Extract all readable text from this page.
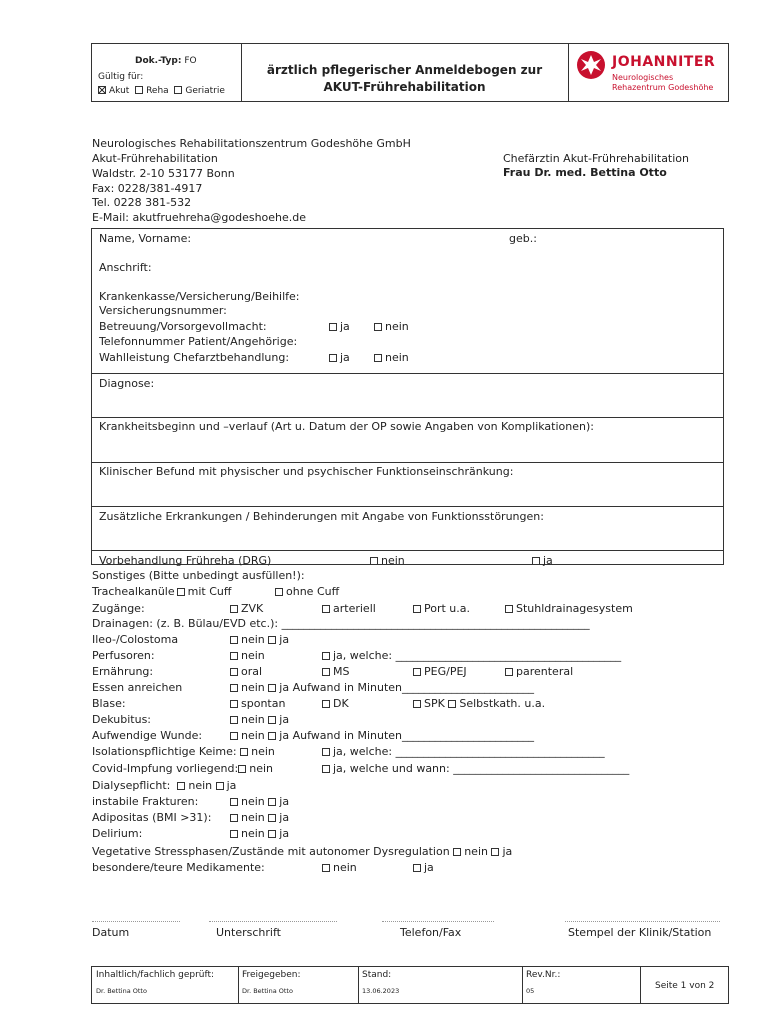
Dok.-Typ: FO
Gültig für:
Akut Reha Geriatrie
ärztlich pflegerischer Anmeldebogen zur
AKUT-Frührehabilitation
JOHANNITER
Neurologisches
Rehazentrum Godeshöhe
Neurologisches Rehabilitationszentrum Godeshöhe GmbH
Akut-Frührehabilitation
Waldstr. 2-10 53177 Bonn
Fax: 0228/381-4917
Tel. 0228 381-532
E-Mail: akutfruehreha@godeshoehe.de
Chefärztin Akut-Frührehabilitation
Frau Dr. med. Bettina Otto
Name, Vorname:	geb.:
Anschrift:
Krankenkasse/Versicherung/Beihilfe:
Versicherungsnummer:
Betreuung/Vorsorgevollmacht:	ja	nein
Telefonnummer Patient/Angehörige:
Wahlleistung Chefarztbehandlung:	ja	nein
Diagnose:
Krankheitsbeginn und –verlauf (Art u. Datum der OP sowie Angaben von Komplikationen):
Klinischer Befund mit physischer und psychischer Funktionseinschränkung:
Zusätzliche Erkrankungen / Behinderungen mit Angabe von Funktionsstörungen:
Vorbehandlung Frühreha (DRG)	nein	ja
Sonstiges (Bitte unbedingt ausfüllen!):
Trachealkanüle mit Cuff	ohne Cuff
Zugänge:	ZVK	arteriell	Port u.a.	Stuhldrainagesystem
Drainagen: (z. B. Bülau/EVD etc.): ________________________________________________________
Ileo-/Colostoma	nein ja
Perfusoren:	nein	ja, welche: _________________________________________
Ernährung:	oral	MS	PEG/PEJ	parenteral
Essen anreichen	nein ja Aufwand in Minuten________________________
Blase:	spontan	DK	SPK Selbstkath. u.a.
Dekubitus:	nein ja
Aufwendige Wunde:	nein ja Aufwand in Minuten________________________
Isolationspflichtige Keime: nein	ja, welche: ______________________________________
Covid-Impfung vorliegend: nein	ja, welche und wann: ________________________________
Dialysepflicht: nein ja
instabile Frakturen:	nein ja
Adipositas (BMI >31):	nein ja
Delirium:	nein ja
Vegetative Stressphasen/Zustände mit autonomer Dysregulation nein ja
besondere/teure Medikamente:	nein	ja
Datum	Unterschrift	Telefon/Fax	Stempel der Klinik/Station
Inhaltlich/fachlich geprüft:
Dr. Bettina Otto
Freigegeben:
Dr. Bettina Otto
Stand:
13.06.2023
Rev.Nr.:
05	Seite 1 von 2
